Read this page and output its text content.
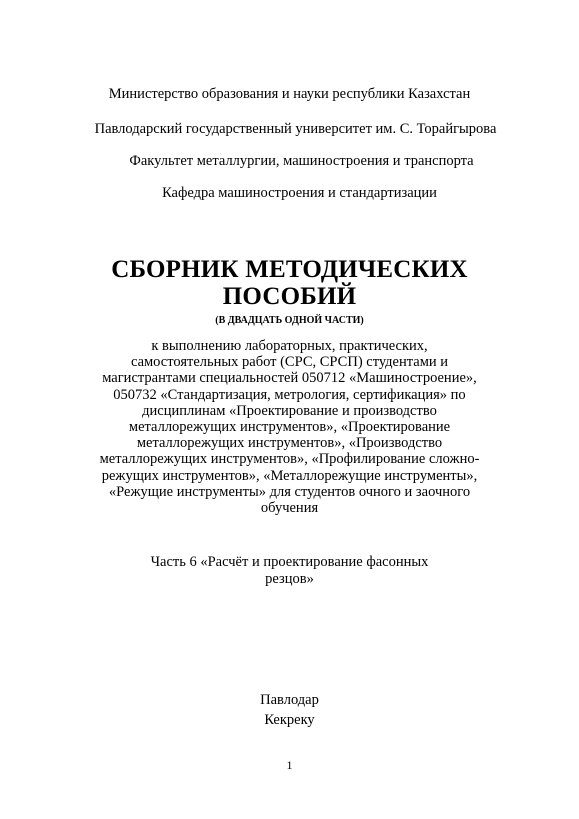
Министерство образования и науки республики Казахстан
Павлодарский государственный университет им. С. Торайгырова
Факультет металлургии, машиностроения и транспорта
Кафедра машиностроения и стандартизации
СБОРНИК МЕТОДИЧЕСКИХ
ПОСОБИЙ
(В ДВАДЦАТЬ ОДНОЙ ЧАСТИ)
к выполнению лабораторных, практических,
самостоятельных работ (СРС, СРСП) студентами и
магистрантами специальностей 050712 «Машиностроение»,
050732 «Стандартизация, метрология, сертификация» по
дисциплинам «Проектирование и производство
металлорежущих инструментов», «Проектирование
металлорежущих инструментов», «Производство
металлорежущих инструментов», «Профилирование сложно-
режущих инструментов», «Металлорежущие инструменты»,
«Режущие инструменты» для студентов очного и заочного
обучения
Часть 6 «Расчёт и проектирование фасонных
резцов»
Павлодар
Кекреку
1
